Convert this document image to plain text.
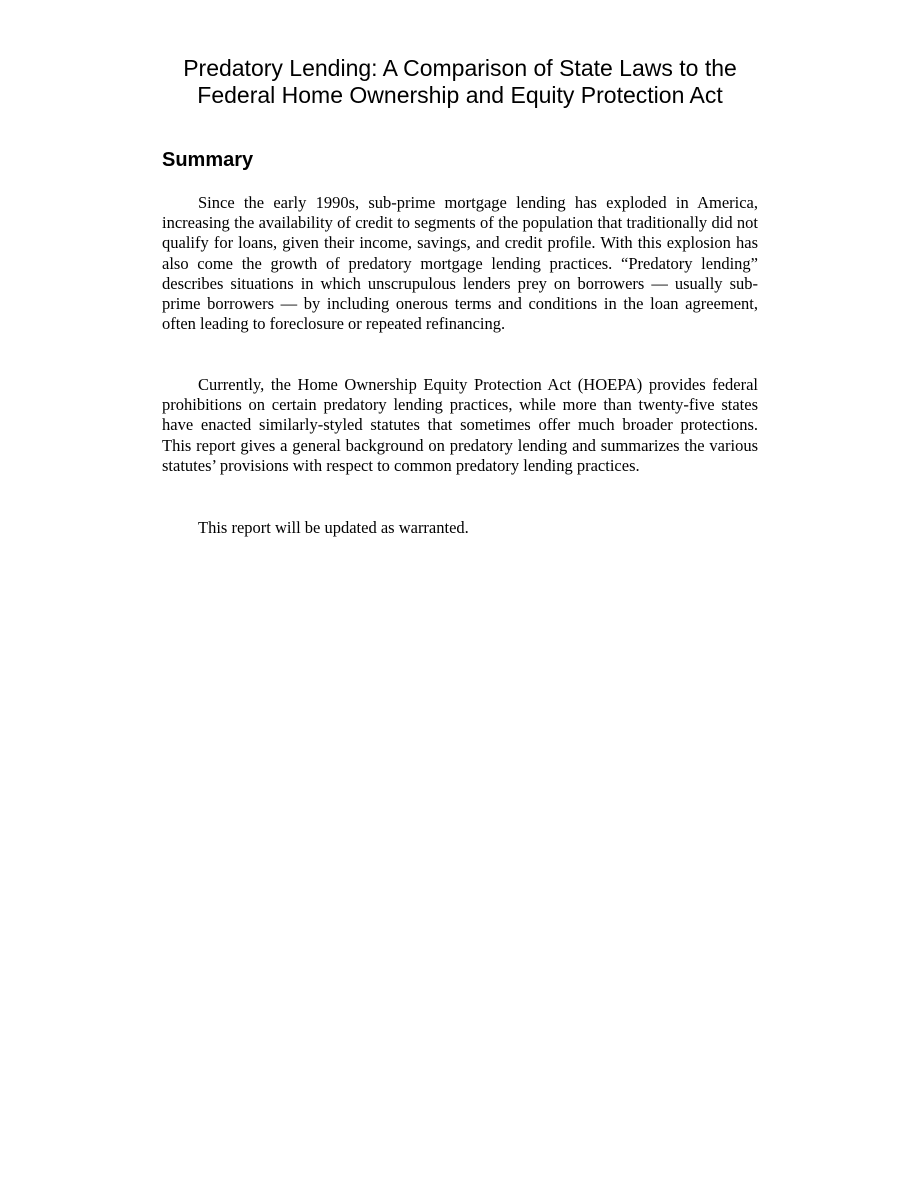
Predatory Lending: A Comparison of State Laws to the
Federal Home Ownership and Equity Protection Act
Summary

Since the early 1990s, sub-prime mortgage lending has exploded in America, increasing the availability of credit to segments of the population that traditionally did not qualify for loans, given their income, savings, and credit profile. With this explosion has also come the growth of predatory mortgage lending practices. “Predatory lending” describes situations in which unscrupulous lenders prey on borrowers — usually sub-prime borrowers — by including onerous terms and conditions in the loan agreement, often leading to foreclosure or repeated refinancing.

Currently, the Home Ownership Equity Protection Act (HOEPA) provides federal prohibitions on certain predatory lending practices, while more than twenty-five states have enacted similarly-styled statutes that sometimes offer much broader protections. This report gives a general background on predatory lending and summarizes the various statutes’ provisions with respect to common predatory lending practices.

This report will be updated as warranted.
